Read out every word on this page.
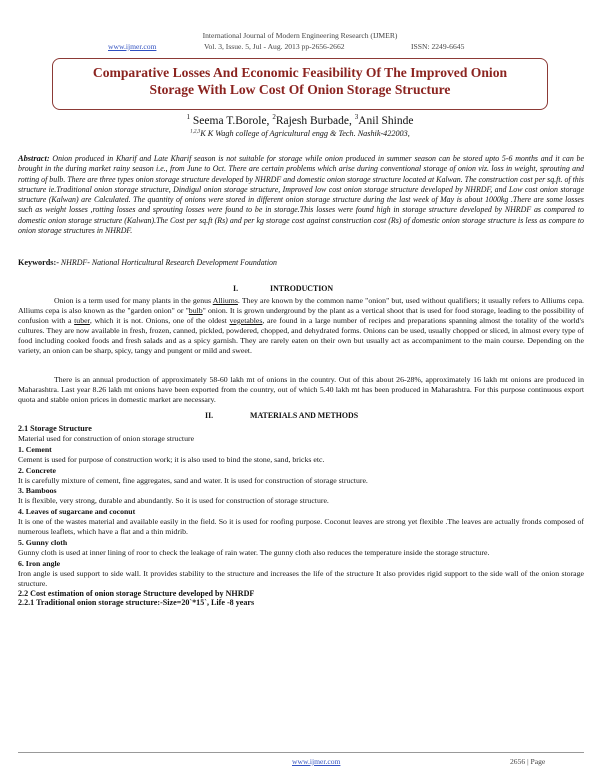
International Journal of Modern Engineering Research (IJMER)
www.ijmer.com	Vol. 3, Issue. 5, Jul - Aug. 2013 pp-2656-2662	ISSN: 2249-6645
Comparative Losses And Economic Feasibility Of The Improved Onion
Storage With Low Cost Of Onion Storage Structure
$^1$ Seema T.Borole, $^2$Rajesh Burbade, $^3$Anil Shinde
$^{1,2,3}$K K Wagh college of Agricultural engg & Tech. Nashik-422003,
Abstract: Onion produced in Kharif and Late Kharif season is not suitable for storage while onion produced in summer season can be stored upto 5-6 months and it can be brought in the during market rainy season i.e., from June to Oct. There are certain problems which arise during conventional storage of onion viz. loss in weight, sprouting and rotting of bulb. There are three types onion storage structure developed by NHRDF and domestic onion storage structure located at Kalwan. The construction cost per sq.ft. of this structure ie.Traditional onion storage structure, Dindigul onion storage structure, Improved low cost onion storage structure developed by NHRDF, and Low cost onion storage structure (Kalwan) are Calculated. The quantity of onions were stored in different onion storage structure during the last week of May is about 1000kg .There are some losses such as weight losses ,rotting losses and sprouting losses were found to be in storage.This losses were found high in storage structure developed by NHRDF as compared to domestic onion storage structure (Kalwan).The Cost per sq.ft (Rs) and per kg storage cost against construction cost (Rs) of domestic onion storage structure is less as compare to onion storage structures in NHRDF.
Keywords:- NHRDF- National Horticultural Research Development Foundation
I.	INTRODUCTION
Onion is a term used for many plants in the genus Alliums. They are known by the common name "onion" but, used without qualifiers; it usually refers to Alliums cepa. Alliums cepa is also known as the "garden onion" or "bulb" onion. It is grown underground by the plant as a vertical shoot that is used for food storage, leading to the possibility of confusion with a tuber, which it is not. Onions, one of the oldest vegetables, are found in a large number of recipes and preparations spanning almost the totality of the world's cultures. They are now available in fresh, frozen, canned, pickled, powdered, chopped, and dehydrated forms. Onions can be used, usually chopped or sliced, in almost every type of food including cooked foods and fresh salads and as a spicy garnish. They are rarely eaten on their own but usually act as accompaniment to the main course. Depending on the variety, an onion can be sharp, spicy, tangy and pungent or mild and sweet.
There is an annual production of approximately 58-60 lakh mt of onions in the country. Out of this about 26-28%, approximately 16 lakh mt onions are produced in Maharashtra. Last year 8.26 lakh mt onions have been exported from the country, out of which 5.40 lakh mt has been produced in Maharashtra. For this purpose continuous export quota and stable onion prices in domestic market are necessary.
II.	MATERIALS AND METHODS
2.1 Storage Structure
Material used for construction of onion storage structure
1. Cement
Cement is used for purpose of construction work; it is also used to bind the stone, sand, bricks etc.
2. Concrete
It is carefully mixture of cement, fine aggregates, sand and water. It is used for construction of storage structure.
3. Bamboos
It is flexible, very strong, durable and abundantly. So it is used for construction of storage structure.
4. Leaves of sugarcane and coconut
It is one of the wastes material and available easily in the field. So it is used for roofing purpose. Coconut leaves are strong yet flexible .The leaves are actually fronds composed of numerous leaflets, which have a flat and a thin midrib.
5. Gunny cloth
Gunny cloth is used at inner lining of roor to check the leakage of rain water. The gunny cloth also reduces the temperature inside the storage structure.
6. Iron angle
Iron angle is used support to side wall. It provides stability to the structure and increases the life of the structure It also provides rigid support to the side wall of the onion storage structure.
2.2 Cost estimation of onion storage Structure developed by NHRDF
2.2.1 Traditional onion storage structure:-Size=20`*15`, Life -8 years
www.ijmer.com	2656 | Page
